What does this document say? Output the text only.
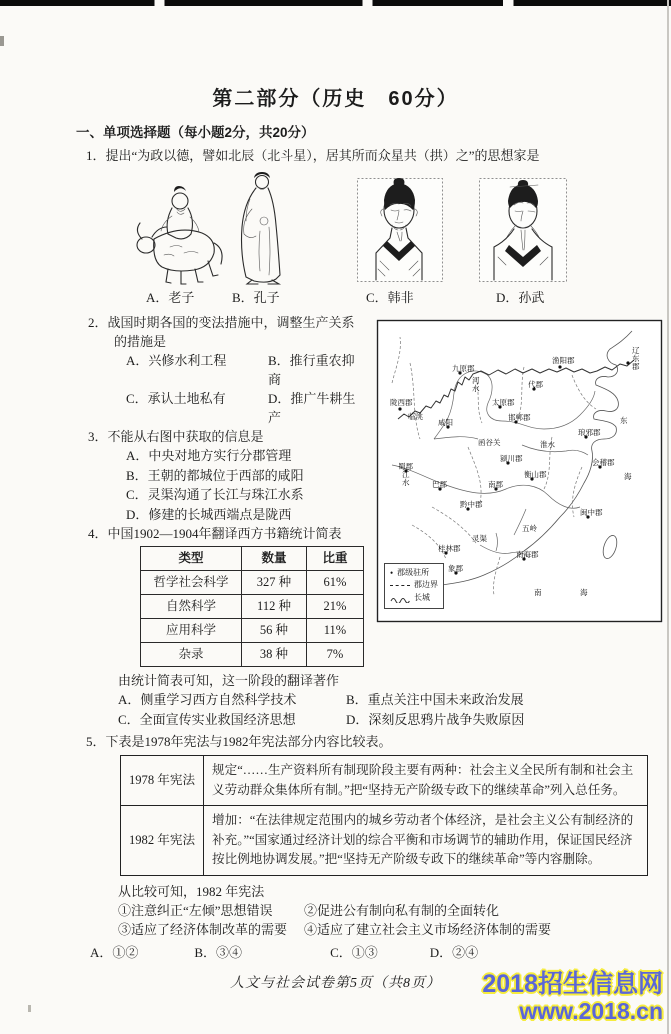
第二部分（历史　60分）
一、单项选择题（每小题2分，共20分）

1．提出“为政以德，譬如北辰（北斗星），居其所而众星共（拱）之”的思想家是

A．老子	B．孔子	C．韩非	D．孙武
九原郡
渔阳郡
辽东郡
代郡
太原郡
邯郸郡
琅邪郡
陇西郡
临洮
咸阳
函谷关
颍川郡	会稽郡
蜀郡
巴郡	南郡
衡山郡
黔中郡
闽中郡
灵渠
五岭
桂林郡
象郡
南海郡
河水
江水
淮水
东
海
南	海
• 郡级驻所
郡边界
长城

2．战国时期各国的变法措施中，调整生产关系

的措施是

A．兴修水利工程	B．推行重农抑商
C．承认土地私有	D．推广牛耕生产

3．不能从右图中获取的信息是

A．中央对地方实行分郡管理

B．王朝的都城位于西部的咸阳

C．灵渠沟通了长江与珠江水系

D．修建的长城西端点是陇西

4．中国1902—1904年翻译西方书籍统计简表

类型	数量	比重
哲学社会科学	327 种	61%
自然科学	112 种	21%
应用科学	56 种	11%
杂录	38 种	7%

由统计简表可知，这一阶段的翻译著作

A．侧重学习西方自然科学技术	B．重点关注中国未来政治发展
C．全面宣传实业救国经济思想	D．深刻反思鸦片战争失败原因

5．下表是1978年宪法与1982年宪法部分内容比较表。

1978 年宪法	规定“……生产资料所有制现阶段主要有两种：社会主义全民所有制和社会主义劳动群众集体所有制。”把“坚持无产阶级专政下的继续革命”列入总任务。
1982 年宪法	增加：“在法律规定范围内的城乡劳动者个体经济，是社会主义公有制经济的补充。”“国家通过经济计划的综合平衡和市场调节的辅助作用，保证国民经济按比例地协调发展。”把“坚持无产阶级专政下的继续革命”等内容删除。

从比较可知，1982 年宪法

①注意纠正“左倾”思想错误	②促进公有制向私有制的全面转化
③适应了经济体制改革的需要	④适应了建立社会主义市场经济体制的需要
A．①②	B．③④	C．①③	D．②④

人文与社会试卷第5页（共8页）	2018招生信息网
www.2018.cn
